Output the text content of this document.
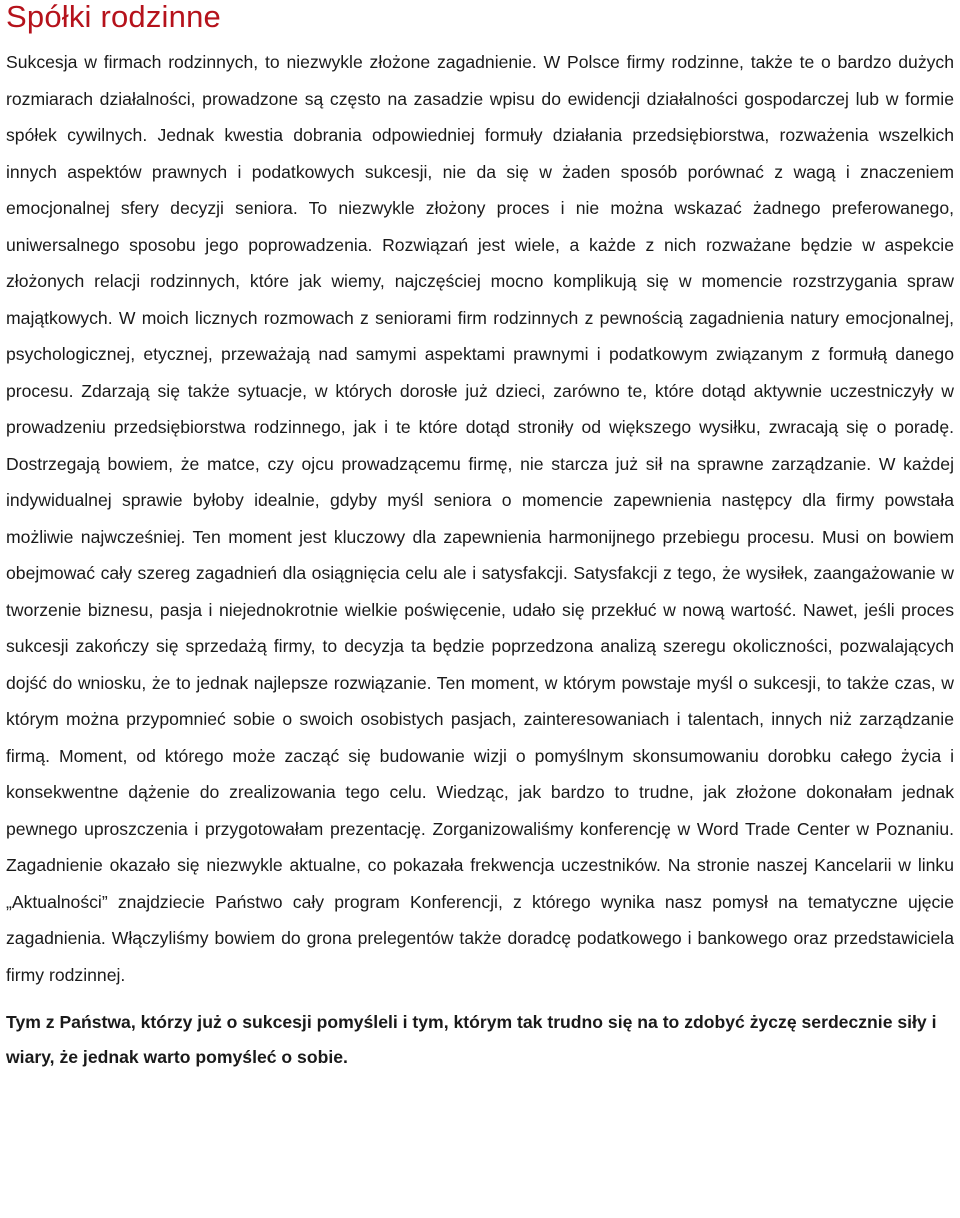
Spółki rodzinne

Sukcesja w firmach rodzinnych, to niezwykle złożone zagadnienie. W Polsce firmy rodzinne, także te o bardzo dużych rozmiarach działalności, prowadzone są często na zasadzie wpisu do ewidencji działalności gospodarczej lub w formie spółek cywilnych. Jednak kwestia dobrania odpowiedniej formuły działania przedsiębiorstwa, rozważenia wszelkich innych aspektów prawnych i podatkowych sukcesji, nie da się w żaden sposób porównać z wagą i znaczeniem emocjonalnej sfery decyzji seniora. To niezwykle złożony proces i nie można wskazać żadnego preferowanego, uniwersalnego sposobu jego poprowadzenia. Rozwiązań jest wiele, a każde z nich rozważane będzie w aspekcie złożonych relacji rodzinnych, które jak wiemy, najczęściej mocno komplikują się w momencie rozstrzygania spraw majątkowych. W moich licznych rozmowach z seniorami firm rodzinnych z pewnością zagadnienia natury emocjonalnej, psychologicznej, etycznej, przeważają nad samymi aspektami prawnymi i podatkowym związanym z formułą danego procesu. Zdarzają się także sytuacje, w których dorosłe już dzieci, zarówno te, które dotąd aktywnie uczestniczyły w prowadzeniu przedsiębiorstwa rodzinnego, jak i te które dotąd stroniły od większego wysiłku, zwracają się o poradę. Dostrzegają bowiem, że matce, czy ojcu prowadzącemu firmę, nie starcza już sił na sprawne zarządzanie. W każdej indywidualnej sprawie byłoby idealnie, gdyby myśl seniora o momencie zapewnienia następcy dla firmy powstała możliwie najwcześniej. Ten moment jest kluczowy dla zapewnienia harmonijnego przebiegu procesu. Musi on bowiem obejmować cały szereg zagadnień dla osiągnięcia celu ale i satysfakcji. Satysfakcji z tego, że wysiłek, zaangażowanie w tworzenie biznesu, pasja i niejednokrotnie wielkie poświęcenie, udało się przekłuć w nową wartość. Nawet, jeśli proces sukcesji zakończy się sprzedażą firmy, to decyzja ta będzie poprzedzona analizą szeregu okoliczności, pozwalających dojść do wniosku, że to jednak najlepsze rozwiązanie. Ten moment, w którym powstaje myśl o sukcesji, to także czas, w którym można przypomnieć sobie o swoich osobistych pasjach, zainteresowaniach i talentach, innych niż zarządzanie firmą. Moment, od którego może zacząć się budowanie wizji o pomyślnym skonsumowaniu dorobku całego życia i konsekwentne dążenie do zrealizowania tego celu. Wiedząc, jak bardzo to trudne, jak złożone dokonałam jednak pewnego uproszczenia i przygotowałam prezentację. Zorganizowaliśmy konferencję w Word Trade Center w Poznaniu. Zagadnienie okazało się niezwykle aktualne, co pokazała frekwencja uczestników. Na stronie naszej Kancelarii w linku „Aktualności” znajdziecie Państwo cały program Konferencji, z którego wynika nasz pomysł na tematyczne ujęcie zagadnienia. Włączyliśmy bowiem do grona prelegentów także doradcę podatkowego i bankowego oraz przedstawiciela firmy rodzinnej.

Tym z Państwa, którzy już o sukcesji pomyśleli i tym, którym tak trudno się na to zdobyć życzę serdecznie siły i wiary, że jednak warto pomyśleć o sobie.
